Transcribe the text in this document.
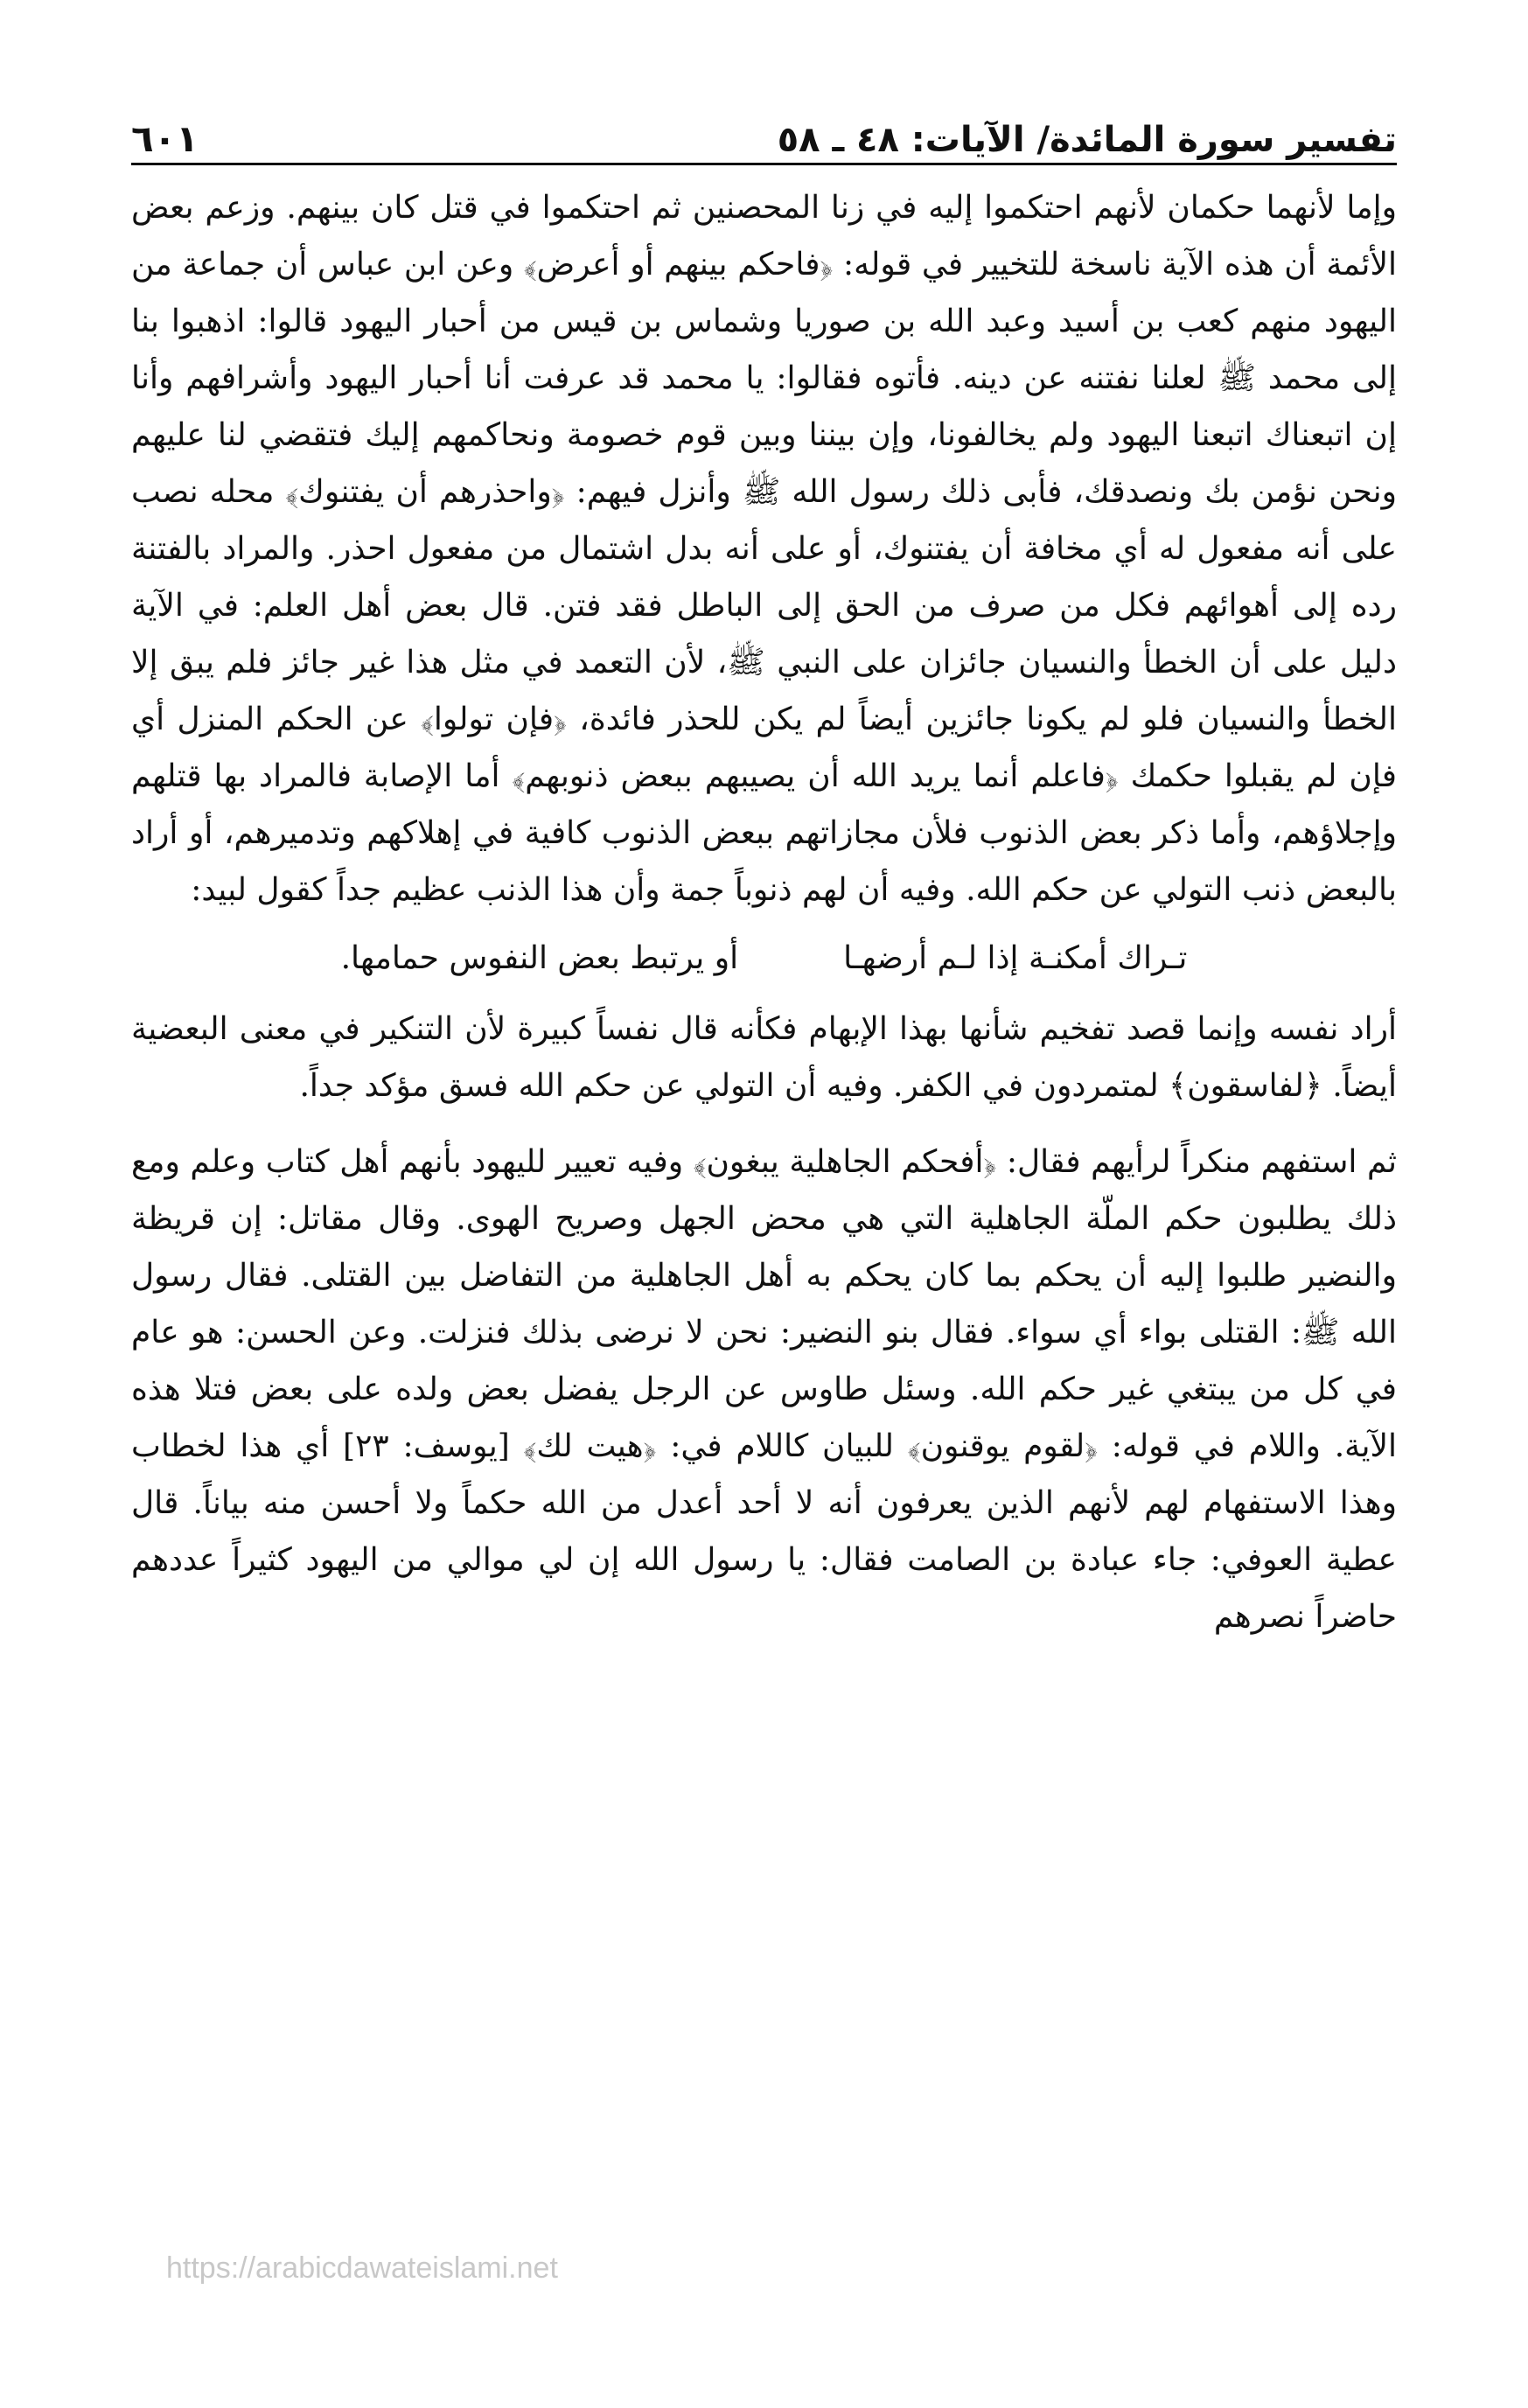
تفسير سورة المائدة/ الآيات: ٤٨ ـ ٥٨
٦٠١

وإما لأنهما حكمان لأنهم احتكموا إليه في زنا المحصنين ثم احتكموا في قتل كان بينهم. وزعم بعض الأئمة أن هذه الآية ناسخة للتخيير في قوله: ﴿فاحكم بينهم أو أعرض﴾ وعن ابن عباس أن جماعة من اليهود منهم كعب بن أسيد وعبد الله بن صوريا وشماس بن قيس من أحبار اليهود قالوا: اذهبوا بنا إلى محمد ﷺ لعلنا نفتنه عن دينه. فأتوه فقالوا: يا محمد قد عرفت أنا أحبار اليهود وأشرافهم وأنا إن اتبعناك اتبعنا اليهود ولم يخالفونا، وإن بيننا وبين قوم خصومة ونحاكمهم إليك فتقضي لنا عليهم ونحن نؤمن بك ونصدقك، فأبى ذلك رسول الله ﷺ وأنزل فيهم: ﴿واحذرهم أن يفتنوك﴾ محله نصب على أنه مفعول له أي مخافة أن يفتنوك، أو على أنه بدل اشتمال من مفعول احذر. والمراد بالفتنة رده إلى أهوائهم فكل من صرف من الحق إلى الباطل فقد فتن. قال بعض أهل العلم: في الآية دليل على أن الخطأ والنسيان جائزان على النبي ﷺ، لأن التعمد في مثل هذا غير جائز فلم يبق إلا الخطأ والنسيان فلو لم يكونا جائزين أيضاً لم يكن للحذر فائدة، ﴿فإن تولوا﴾ عن الحكم المنزل أي فإن لم يقبلوا حكمك ﴿فاعلم أنما يريد الله أن يصيبهم ببعض ذنوبهم﴾ أما الإصابة فالمراد بها قتلهم وإجلاؤهم، وأما ذكر بعض الذنوب فلأن مجازاتهم ببعض الذنوب كافية في إهلاكهم وتدميرهم، أو أراد بالبعض ذنب التولي عن حكم الله. وفيه أن لهم ذنوباً جمة وأن هذا الذنب عظيم جداً كقول لبيد:

تـراك أمكنـة إذا لـم أرضهـا
أو يرتبط بعض النفوس حمامها.

أراد نفسه وإنما قصد تفخيم شأنها بهذا الإبهام فكأنه قال نفساً كبيرة لأن التنكير في معنى البعضية أيضاً. ﴿لفاسقون﴾ لمتمردون في الكفر. وفيه أن التولي عن حكم الله فسق مؤكد جداً.

ثم استفهم منكراً لرأيهم فقال: ﴿أفحكم الجاهلية يبغون﴾ وفيه تعيير لليهود بأنهم أهل كتاب وعلم ومع ذلك يطلبون حكم الملّة الجاهلية التي هي محض الجهل وصريح الهوى. وقال مقاتل: إن قريظة والنضير طلبوا إليه أن يحكم بما كان يحكم به أهل الجاهلية من التفاضل بين القتلى. فقال رسول الله ﷺ: القتلى بواء أي سواء. فقال بنو النضير: نحن لا نرضى بذلك فنزلت. وعن الحسن: هو عام في كل من يبتغي غير حكم الله. وسئل طاوس عن الرجل يفضل بعض ولده على بعض فتلا هذه الآية. واللام في قوله: ﴿لقوم يوقنون﴾ للبيان كاللام في: ﴿هيت لك﴾ [يوسف: ٢٣] أي هذا لخطاب وهذا الاستفهام لهم لأنهم الذين يعرفون أنه لا أحد أعدل من الله حكماً ولا أحسن منه بياناً. قال عطية العوفي: جاء عبادة بن الصامت فقال: يا رسول الله إن لي موالي من اليهود كثيراً عددهم حاضراً نصرهم

https://arabicdawateislami.net
